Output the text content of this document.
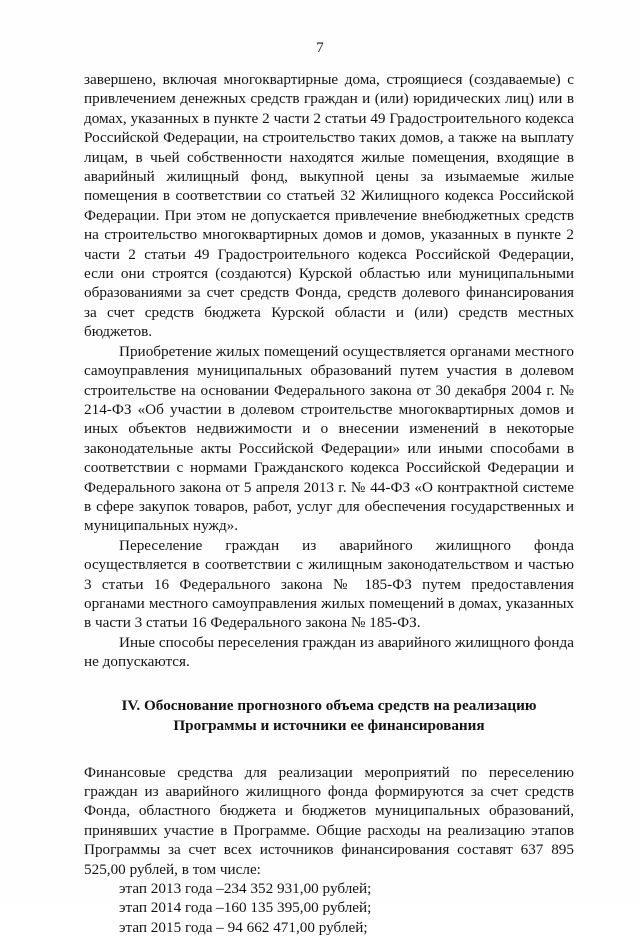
7

завершено, включая многоквартирные дома, строящиеся (создаваемые) с привлечением денежных средств граждан и (или) юридических лиц) или в домах, указанных в пункте 2 части 2 статьи 49 Градостроительного кодекса Российской Федерации, на строительство таких домов, а также на выплату лицам, в чьей собственности находятся жилые помещения, входящие в аварийный жилищный фонд, выкупной цены за изымаемые жилые помещения в соответствии со статьей 32 Жилищного кодекса Российской Федерации. При этом не допускается привлечение внебюджетных средств на строительство многоквартирных домов и домов, указанных в пункте 2 части 2 статьи 49 Градостроительного кодекса Российской Федерации, если они строятся (создаются) Курской областью или муниципальными образованиями за счет средств Фонда, средств долевого финансирования за счет средств бюджета Курской области и (или) средств местных бюджетов.

Приобретение жилых помещений осуществляется органами местного самоуправления муниципальных образований путем участия в долевом строительстве на основании Федерального закона от 30 декабря 2004 г. № 214-ФЗ «Об участии в долевом строительстве многоквартирных домов и иных объектов недвижимости и о внесении изменений в некоторые законодательные акты Российской Федерации» или иными способами в соответствии с нормами Гражданского кодекса Российской Федерации и Федерального закона от 5 апреля 2013 г. № 44-ФЗ «О контрактной системе в сфере закупок товаров, работ, услуг для обеспечения государственных и муниципальных нужд».

Переселение граждан из аварийного жилищного фонда осуществляется в соответствии с жилищным законодательством и частью 3 статьи 16 Федерального закона № 185-ФЗ путем предоставления органами местного самоуправления жилых помещений в домах, указанных в части 3 статьи 16 Федерального закона № 185-ФЗ.

Иные способы переселения граждан из аварийного жилищного фонда не допускаются.

IV. Обоснование прогнозного объема средств на реализацию
Программы и источники ее финансирования

Финансовые средства для реализации мероприятий по переселению граждан из аварийного жилищного фонда формируются за счет средств Фонда, областного бюджета и бюджетов муниципальных образований, принявших участие в Программе. Общие расходы на реализацию этапов Программы за счет всех источников финансирования составят 637 895 525,00 рублей, в том числе:

этап 2013 года –234 352 931,00 рублей;
этап 2014 года –160 135 395,00 рублей;
этап 2015 года – 94 662 471,00 рублей;
